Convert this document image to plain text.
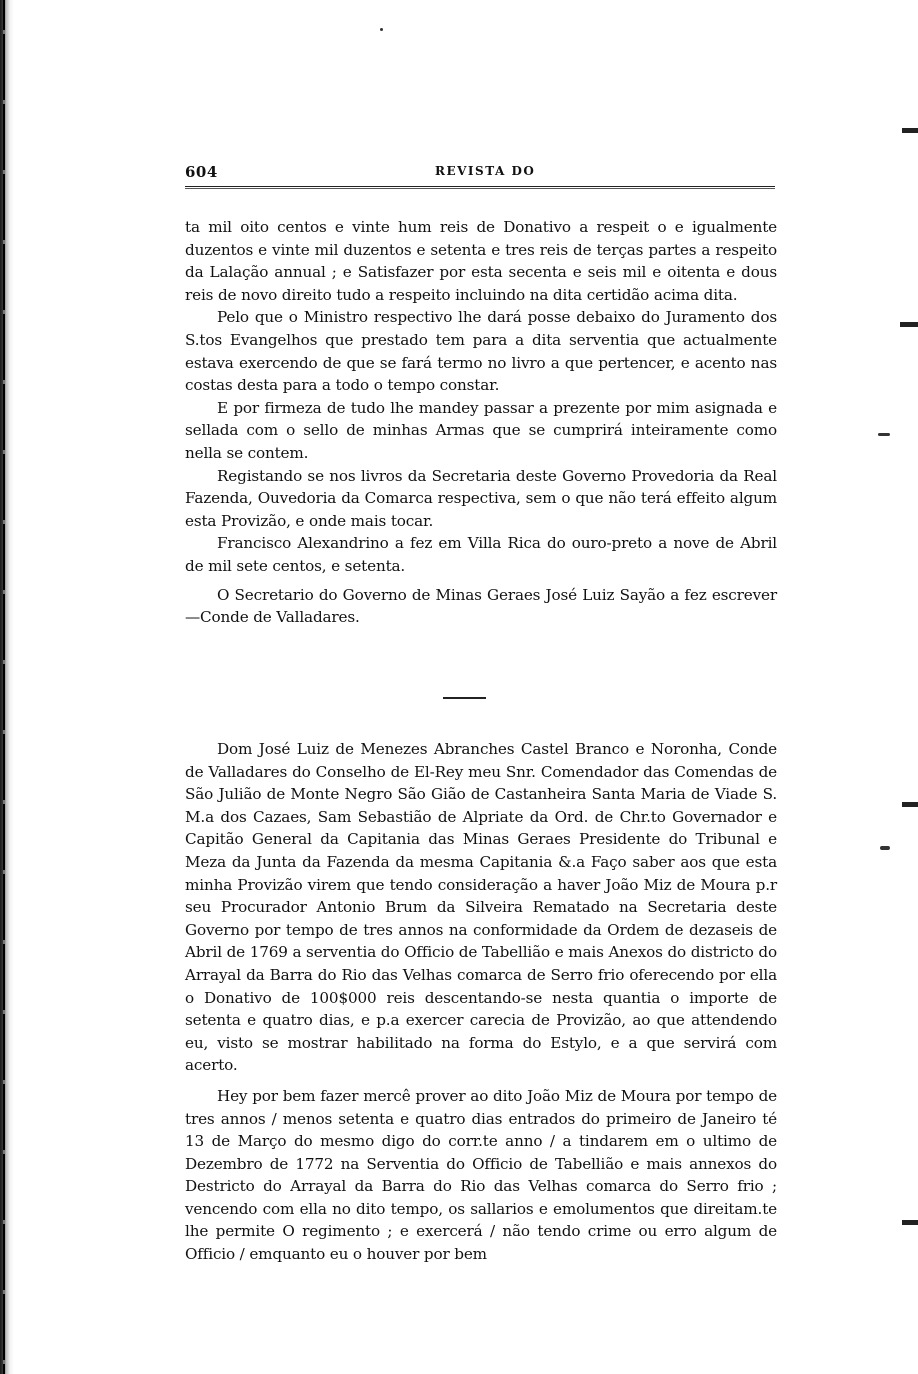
604	REVISTA DO

ta mil oito centos e vinte hum reis de Donativo a respeit o e igualmente duzentos e vinte mil duzentos e setenta e tres reis de terças partes a respeito da Lalação annual ; e Satisfazer por esta secenta e seis mil e oitenta e dous reis de novo direito tudo a respeito incluindo na dita certidão acima dita.

Pelo que o Ministro respectivo lhe dará posse debaixo do Juramento dos S.tos Evangelhos que prestado tem para a dita serventia que actualmente estava exercendo de que se fará termo no livro a que pertencer, e acento nas costas desta para a todo o tempo constar.

E por firmeza de tudo lhe mandey passar a prezente por mim asignada e sellada com o sello de minhas Armas que se cumprirá inteiramente como nella se contem.

Registando se nos livros da Secretaria deste Governo Provedoria da Real Fazenda, Ouvedoria da Comarca respectiva, sem o que não terá effeito algum esta Provizão, e onde mais tocar.

Francisco Alexandrino a fez em Villa Rica do ouro-preto a nove de Abril de mil sete centos, e setenta.

O Secretario do Governo de Minas Geraes José Luiz Sayão a fez escrever—Conde de Valladares.

Dom José Luiz de Menezes Abranches Castel Branco e Noronha, Conde de Valladares do Conselho de El-Rey meu Snr. Comendador das Comendas de São Julião de Monte Negro São Gião de Castanheira Santa Maria de Viade S. M.a dos Cazaes, Sam Sebastião de Alpriate da Ord. de Chr.to Governador e Capitão General da Capitania das Minas Geraes Presidente do Tribunal e Meza da Junta da Fazenda da mesma Capitania &.a Faço saber aos que esta minha Provizão virem que tendo consideração a haver João Miz de Moura p.r seu Procurador Antonio Brum da Silveira Rematado na Secretaria deste Governo por tempo de tres annos na conformidade da Ordem de dezaseis de Abril de 1769 a serventia do Officio de Tabellião e mais Anexos do districto do Arrayal da Barra do Rio das Velhas comarca de Serro frio oferecendo por ella o Donativo de 100$000 reis descentando-se nesta quantia o importe de setenta e quatro dias, e p.a exercer carecia de Provizão, ao que attendendo eu, visto se mostrar habilitado na forma do Estylo, e a que servirá com acerto.

Hey por bem fazer mercê prover ao dito João Miz de Moura por tempo de tres annos / menos setenta e quatro dias entrados do primeiro de Janeiro té 13 de Março do mesmo digo do corr.te anno / a tindarem em o ultimo de Dezembro de 1772 na Serventia do Officio de Tabellião e mais annexos do Destricto do Arrayal da Barra do Rio das Velhas comarca do Serro frio ; vencendo com ella no dito tempo, os sallarios e emolumentos que direitam.te lhe permite O regimento ; e exercerá / não tendo crime ou erro algum de Officio / emquanto eu o houver por bem
